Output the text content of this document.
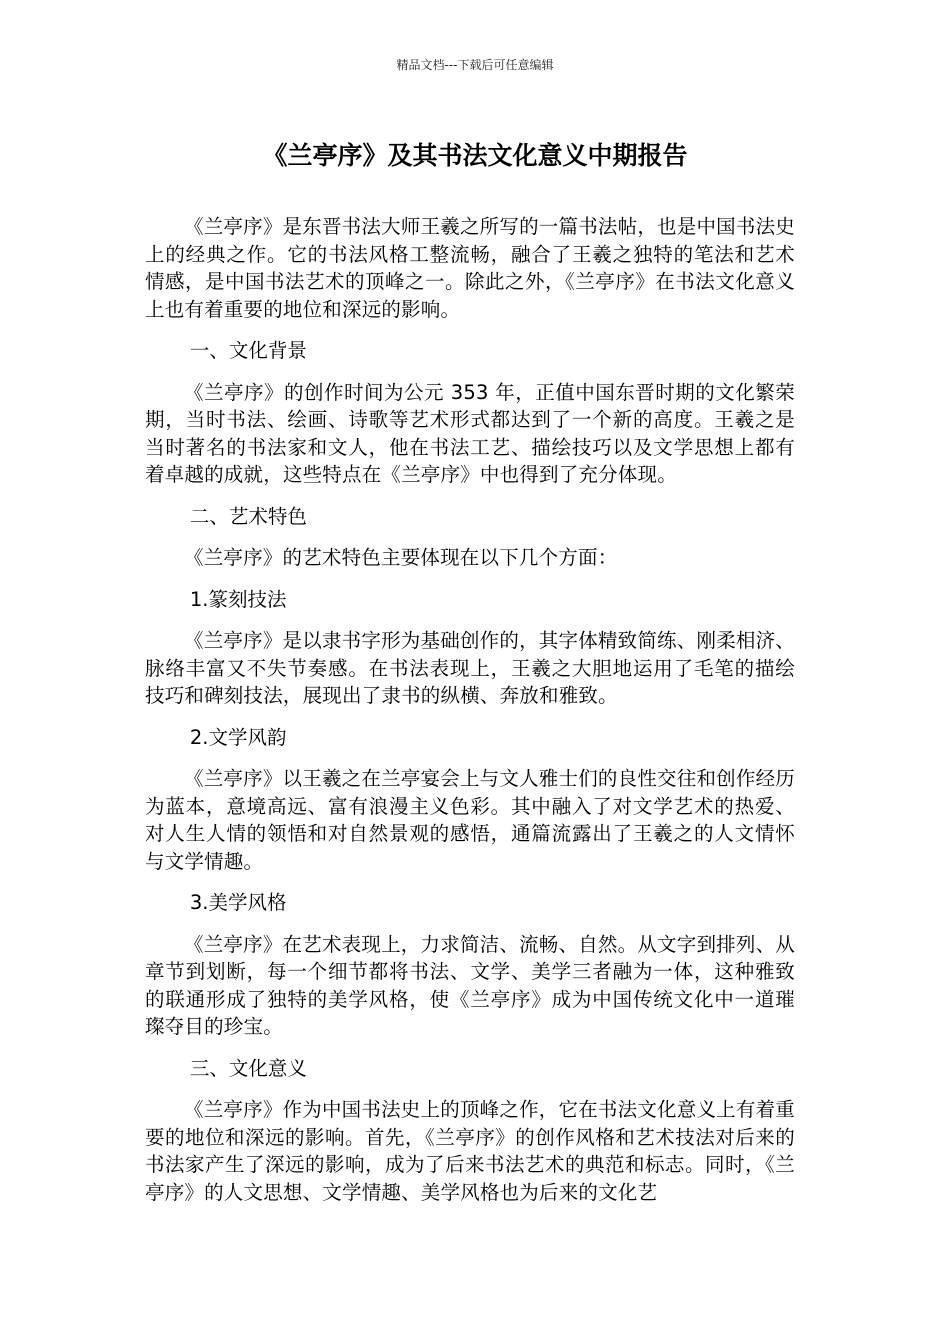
精品文档---下载后可任意编辑
《兰亭序》及其书法文化意义中期报告

《兰亭序》是东晋书法大师王羲之所写的一篇书法帖，也是中国书法史上的经典之作。它的书法风格工整流畅，融合了王羲之独特的笔法和艺术情感，是中国书法艺术的顶峰之一。除此之外，《兰亭序》在书法文化意义上也有着重要的地位和深远的影响。

一、文化背景

《兰亭序》的创作时间为公元 353 年，正值中国东晋时期的文化繁荣期，当时书法、绘画、诗歌等艺术形式都达到了一个新的高度。王羲之是当时著名的书法家和文人，他在书法工艺、描绘技巧以及文学思想上都有着卓越的成就，这些特点在《兰亭序》中也得到了充分体现。

二、艺术特色

《兰亭序》的艺术特色主要体现在以下几个方面：

1.篆刻技法

《兰亭序》是以隶书字形为基础创作的，其字体精致简练、刚柔相济、脉络丰富又不失节奏感。在书法表现上，王羲之大胆地运用了毛笔的描绘技巧和碑刻技法，展现出了隶书的纵横、奔放和雅致。

2.文学风韵

《兰亭序》以王羲之在兰亭宴会上与文人雅士们的良性交往和创作经历为蓝本，意境高远、富有浪漫主义色彩。其中融入了对文学艺术的热爱、对人生人情的领悟和对自然景观的感悟，通篇流露出了王羲之的人文情怀与文学情趣。

3.美学风格

《兰亭序》在艺术表现上，力求简洁、流畅、自然。从文字到排列、从章节到划断，每一个细节都将书法、文学、美学三者融为一体，这种雅致的联通形成了独特的美学风格，使《兰亭序》成为中国传统文化中一道璀璨夺目的珍宝。

三、文化意义

《兰亭序》作为中国书法史上的顶峰之作，它在书法文化意义上有着重要的地位和深远的影响。首先，《兰亭序》的创作风格和艺术技法对后来的书法家产生了深远的影响，成为了后来书法艺术的典范和标志。同时，《兰亭序》的人文思想、文学情趣、美学风格也为后来的文化艺
